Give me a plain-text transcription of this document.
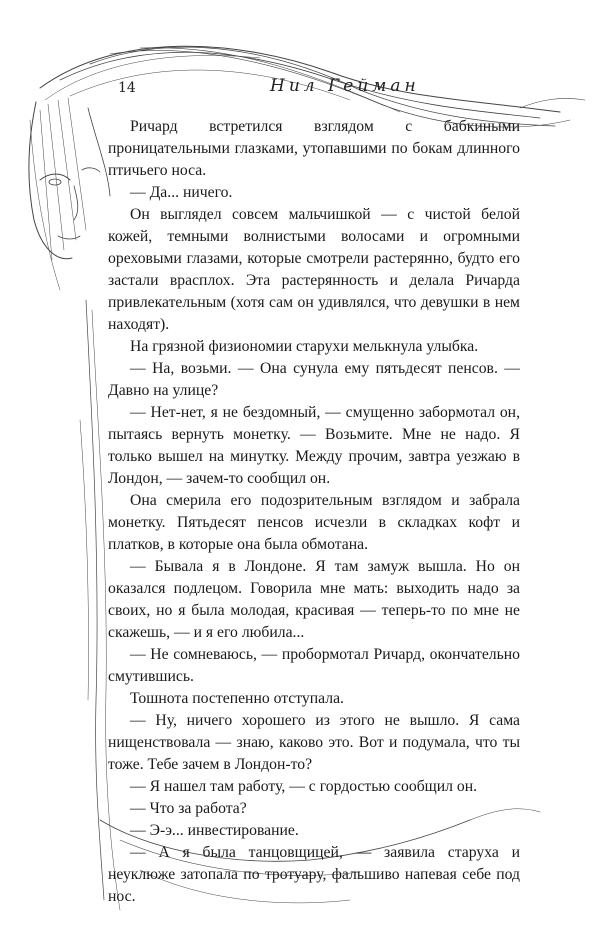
14	Нил Гейман

Ричард встретился взглядом с бабкиными проницательными глазками, утопавшими по бокам длинного птичьего носа.

— Да... ничего.

Он выглядел совсем мальчишкой — с чистой белой кожей, темными волнистыми волосами и огромными ореховыми глазами, которые смотрели растерянно, будто его застали врасплох. Эта растерянность и делала Ричарда привлекательным (хотя сам он удивлялся, что девушки в нем находят).

На грязной физиономии старухи мелькнула улыбка.

— На, возьми. — Она сунула ему пятьдесят пенсов. — Давно на улице?

— Нет-нет, я не бездомный, — смущенно забормотал он, пытаясь вернуть монетку. — Возьмите. Мне не надо. Я только вышел на минутку. Между прочим, завтра уезжаю в Лондон, — зачем-то сообщил он.

Она смерила его подозрительным взглядом и забрала монетку. Пятьдесят пенсов исчезли в складках кофт и платков, в которые она была обмотана.

— Бывала я в Лондоне. Я там замуж вышла. Но он оказался подлецом. Говорила мне мать: выходить надо за своих, но я была молодая, красивая — теперь-то по мне не скажешь, — и я его любила...

— Не сомневаюсь, — пробормотал Ричард, окончательно смутившись.

Тошнота постепенно отступала.

— Ну, ничего хорошего из этого не вышло. Я сама нищенствовала — знаю, каково это. Вот и подумала, что ты тоже. Тебе зачем в Лондон-то?

— Я нашел там работу, — с гордостью сообщил он.

— Что за работа?

— Э-э... инвестирование.

— А я была танцовщицей, — заявила старуха и неуклюже затопала по тротуару, фальшиво напевая себе под нос.
